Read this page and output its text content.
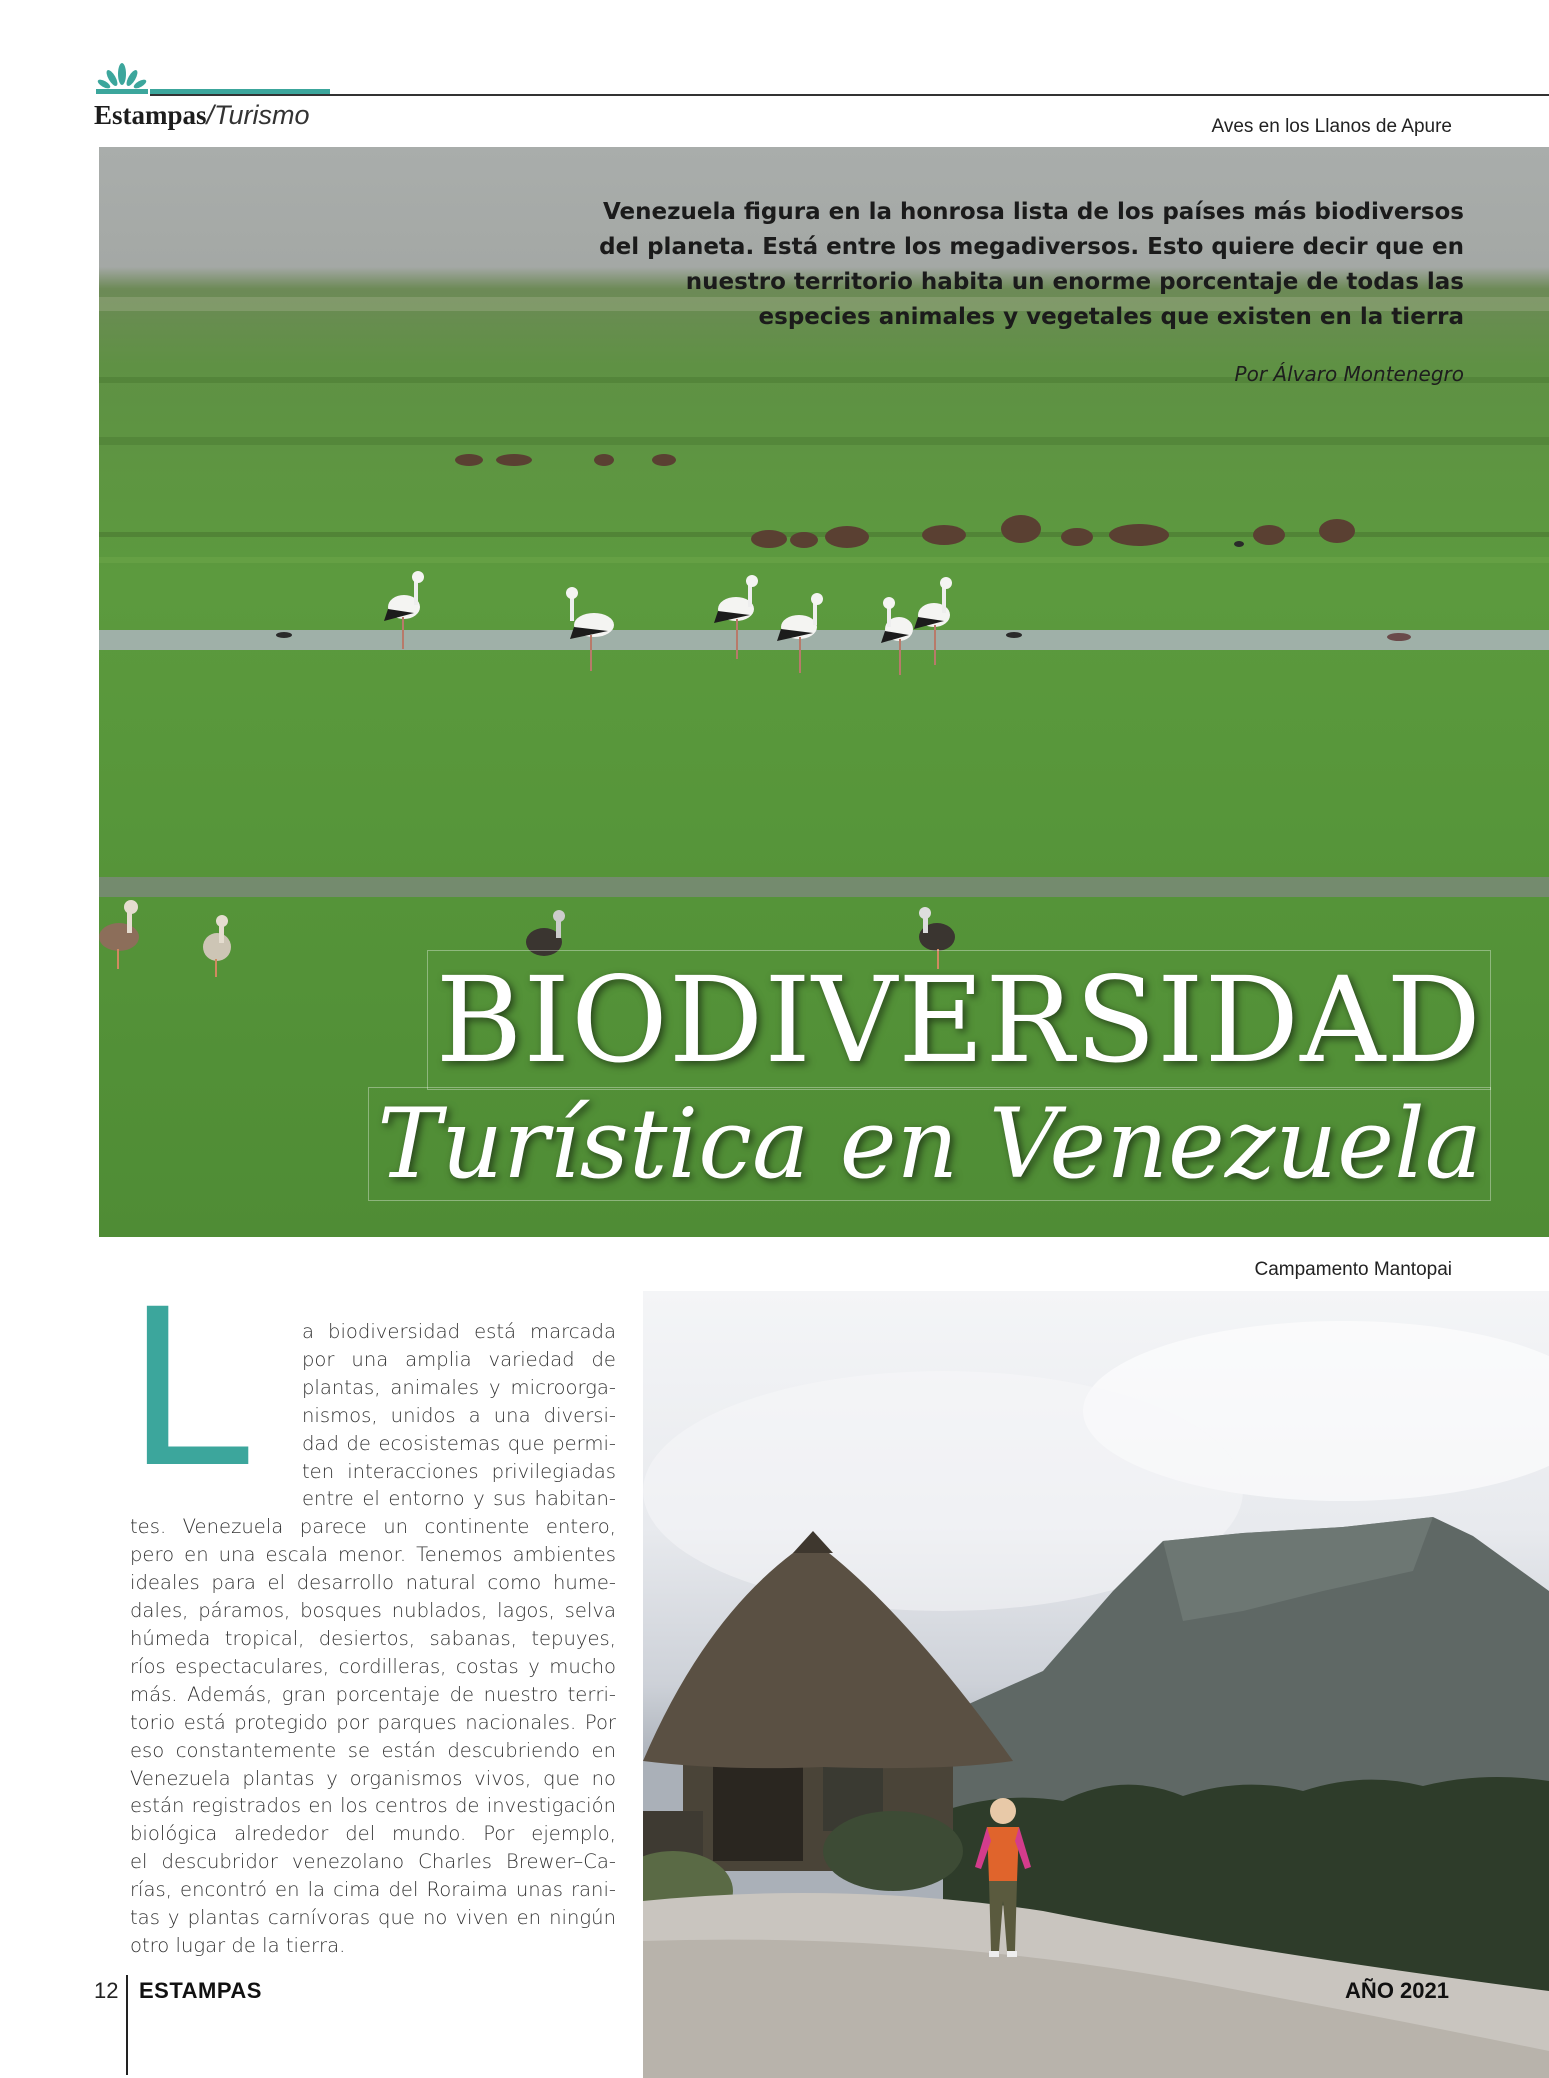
Estampas/Turismo	Aves en los Llanos de Apure
Venezuela figura en la honrosa lista de los países más biodiversos del planeta. Está entre los megadiversos. Esto quiere decir que en nuestro territorio habita un enorme porcentaje de todas las especies animales y vegetales que existen en la tierra
Por Álvaro Montenegro
BIODIVERSIDAD
Turística en Venezuela
Campamento Mantopai
L	a biodiversidad está marcada
por una amplia variedad de
plantas, animales y microorga-
nismos, unidos a una diversi-
dad de ecosistemas que permi-
ten interacciones privilegiadas
entre el entorno y sus habitan-
tes. Venezuela parece un continente entero,
pero en una escala menor. Tenemos ambientes
ideales para el desarrollo natural como hume-
dales, páramos, bosques nublados, lagos, selva
húmeda tropical, desiertos, sabanas, tepuyes,
ríos espectaculares, cordilleras, costas y mucho
más. Además, gran porcentaje de nuestro terri-
torio está protegido por parques nacionales. Por
eso constantemente se están descubriendo en
Venezuela plantas y organismos vivos, que no
están registrados en los centros de investigación
biológica alrededor del mundo. Por ejemplo,
el descubridor venezolano Charles Brewer–Ca-
rías, encontró en la cima del Roraima unas rani-
tas y plantas carnívoras que no viven en ningún
otro lugar de la tierra.
12 ESTAMPAS	AÑO 2021
